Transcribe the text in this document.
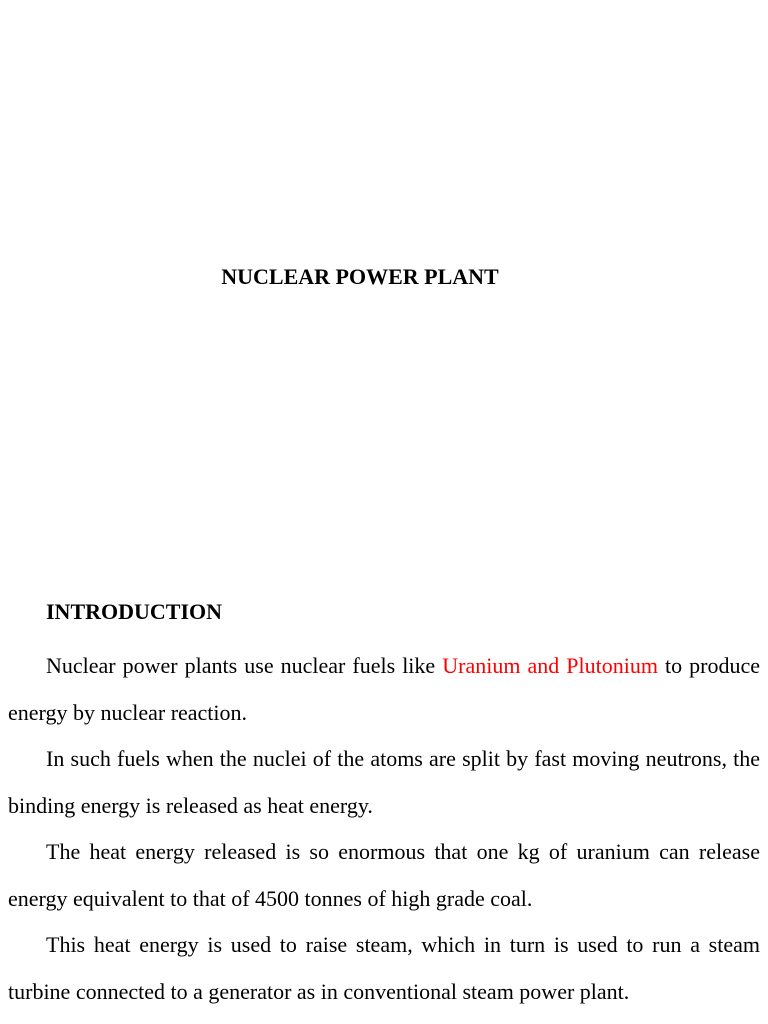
NUCLEAR POWER PLANT
INTRODUCTION

Nuclear power plants use nuclear fuels like Uranium and Plutonium to produce energy by nuclear reaction.

In such fuels when the nuclei of the atoms are split by fast moving neutrons, the binding energy is released as heat energy.

The heat energy released is so enormous that one kg of uranium can release energy equivalent to that of 4500 tonnes of high grade coal.

This heat energy is used to raise steam, which in turn is used to run a steam turbine connected to a generator as in conventional steam power plant.
